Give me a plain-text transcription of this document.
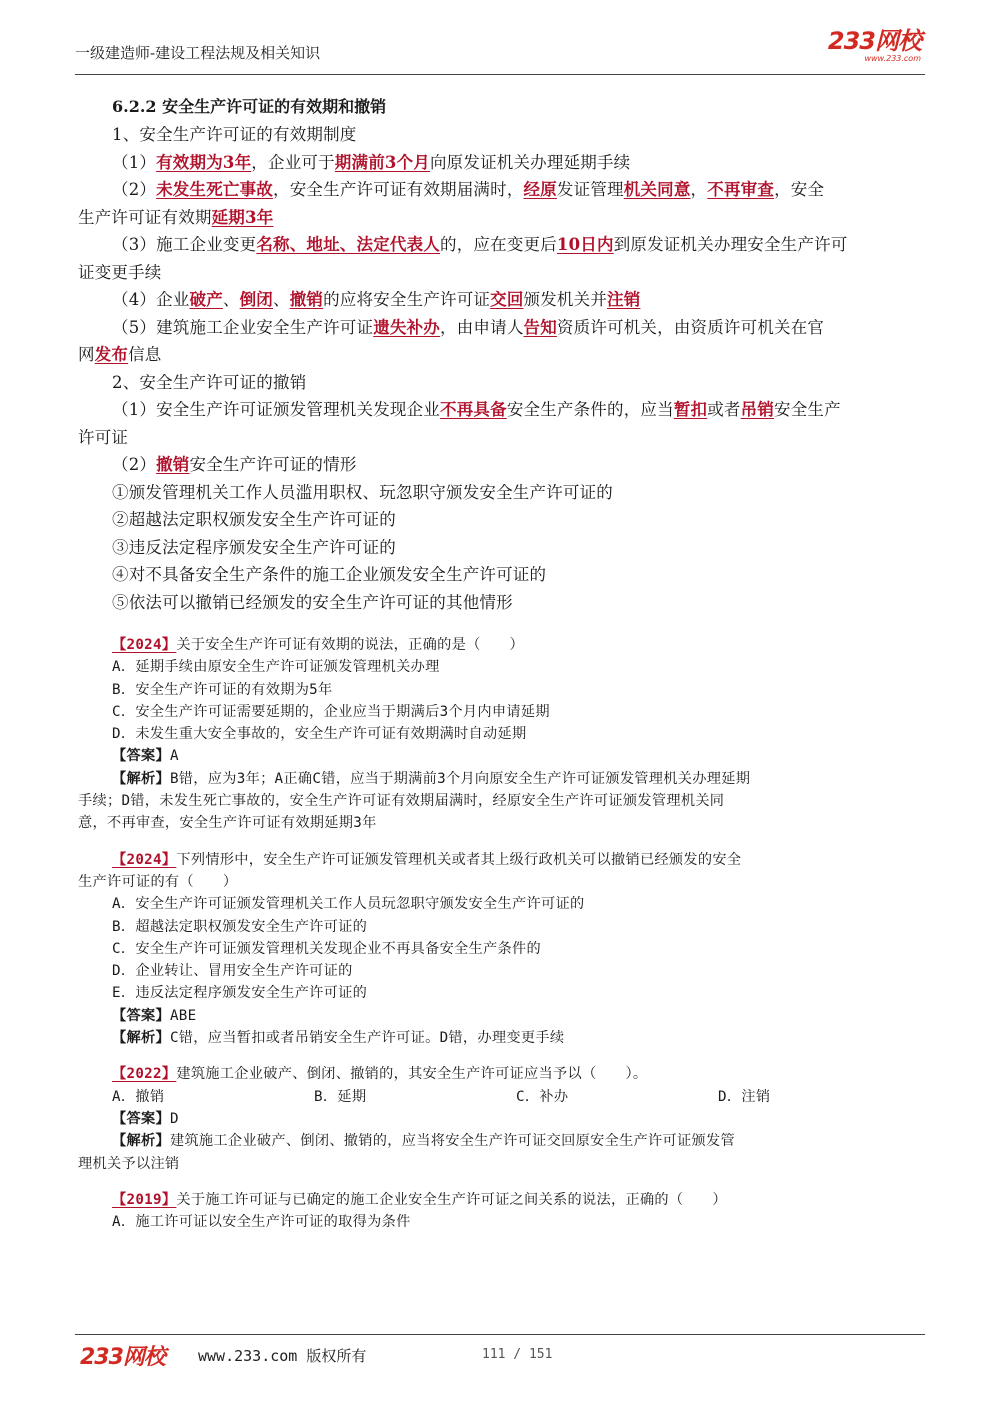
一级建造师-建设工程法规及相关知识	233网校
www.233.com
6.2.2 安全生产许可证的有效期和撤销
1、安全生产许可证的有效期制度
（1）有效期为3年，企业可于期满前3个月向原发证机关办理延期手续
（2）未发生死亡事故，安全生产许可证有效期届满时，经原发证管理机关同意，不再审查，安全
生产许可证有效期延期3年
（3）施工企业变更名称、地址、法定代表人的，应在变更后10日内到原发证机关办理安全生产许可
证变更手续
（4）企业破产、倒闭、撤销的应将安全生产许可证交回颁发机关并注销
（5）建筑施工企业安全生产许可证遗失补办，由申请人告知资质许可机关，由资质许可机关在官
网发布信息
2、安全生产许可证的撤销
（1）安全生产许可证颁发管理机关发现企业不再具备安全生产条件的，应当暂扣或者吊销安全生产
许可证
（2）撤销安全生产许可证的情形
①颁发管理机关工作人员滥用职权、玩忽职守颁发安全生产许可证的
②超越法定职权颁发安全生产许可证的
③违反法定程序颁发安全生产许可证的
④对不具备安全生产条件的施工企业颁发安全生产许可证的
⑤依法可以撤销已经颁发的安全生产许可证的其他情形
【2024】关于安全生产许可证有效期的说法，正确的是（　　）
A．延期手续由原安全生产许可证颁发管理机关办理
B．安全生产许可证的有效期为5年
C．安全生产许可证需要延期的，企业应当于期满后3个月内申请延期
D．未发生重大安全事故的，安全生产许可证有效期满时自动延期
【答案】A
【解析】B错，应为3年；A正确C错，应当于期满前3个月向原安全生产许可证颁发管理机关办理延期
手续；D错，未发生死亡事故的，安全生产许可证有效期届满时，经原安全生产许可证颁发管理机关同
意，不再审查，安全生产许可证有效期延期3年
【2024】下列情形中，安全生产许可证颁发管理机关或者其上级行政机关可以撤销已经颁发的安全
生产许可证的有（　　）
A．安全生产许可证颁发管理机关工作人员玩忽职守颁发安全生产许可证的
B．超越法定职权颁发安全生产许可证的
C．安全生产许可证颁发管理机关发现企业不再具备安全生产条件的
D．企业转让、冒用安全生产许可证的
E．违反法定程序颁发安全生产许可证的
【答案】ABE
【解析】C错，应当暂扣或者吊销安全生产许可证。D错，办理变更手续
【2022】建筑施工企业破产、倒闭、撤销的，其安全生产许可证应当予以（　　）。
A．撤销	B．延期	C．补办	D．注销
【答案】D
【解析】建筑施工企业破产、倒闭、撤销的，应当将安全生产许可证交回原安全生产许可证颁发管
理机关予以注销
【2019】关于施工许可证与已确定的施工企业安全生产许可证之间关系的说法，正确的（　　）
A．施工许可证以安全生产许可证的取得为条件
233网校 www.233.com 版权所有	111 / 151
